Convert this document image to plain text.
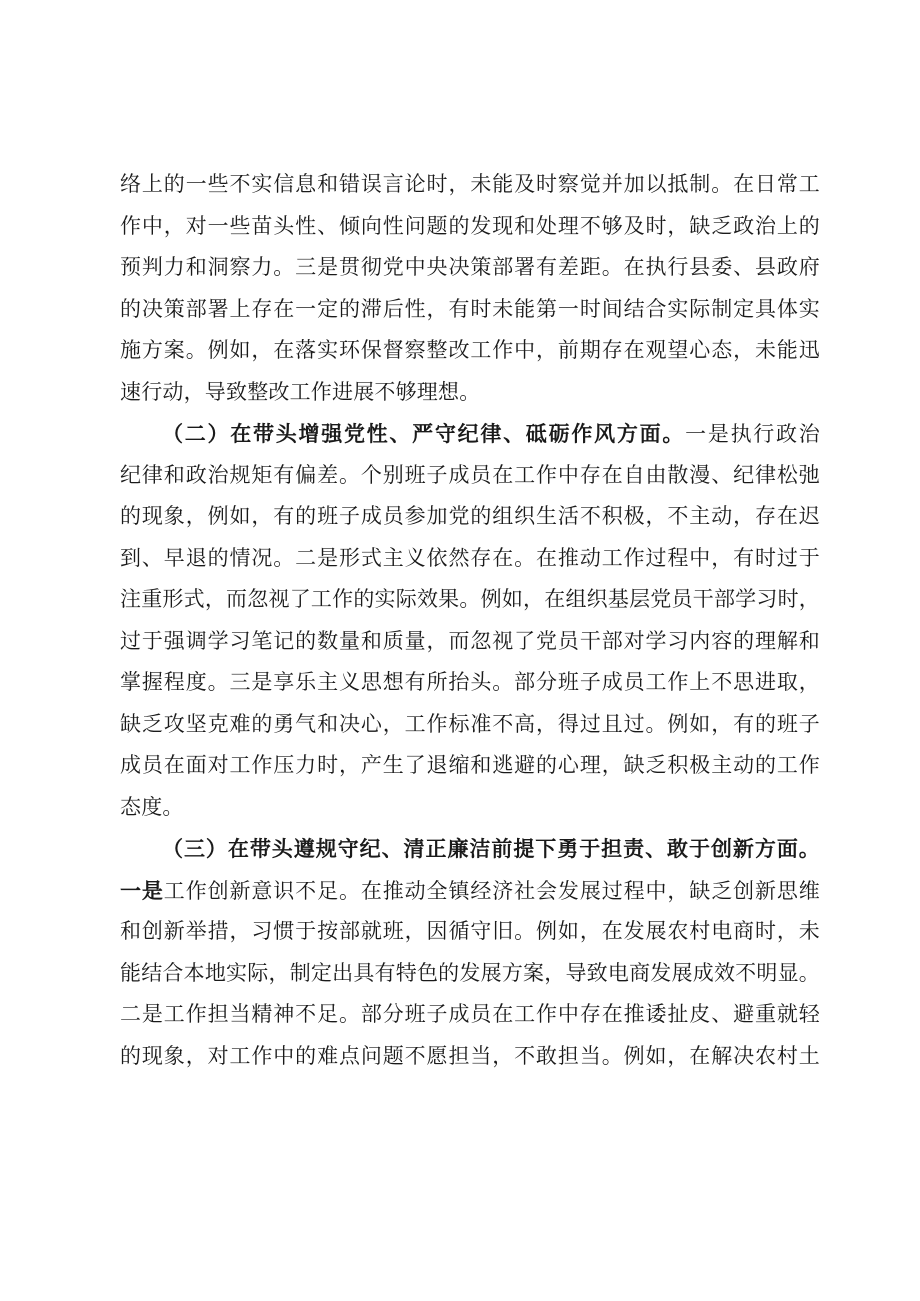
络上的一些不实信息和错误言论时，未能及时察觉并加以抵制。在日常工
作中，对一些苗头性、倾向性问题的发现和处理不够及时，缺乏政治上的
预判力和洞察力。三是贯彻党中央决策部署有差距。在执行县委、县政府
的决策部署上存在一定的滞后性，有时未能第一时间结合实际制定具体实
施方案。例如，在落实环保督察整改工作中，前期存在观望心态，未能迅
速行动，导致整改工作进展不够理想。
（二）在带头增强党性、严守纪律、砥砺作风方面。一是执行政治
纪律和政治规矩有偏差。个别班子成员在工作中存在自由散漫、纪律松弛
的现象，例如，有的班子成员参加党的组织生活不积极，不主动，存在迟
到、早退的情况。二是形式主义依然存在。在推动工作过程中，有时过于
注重形式，而忽视了工作的实际效果。例如，在组织基层党员干部学习时，
过于强调学习笔记的数量和质量，而忽视了党员干部对学习内容的理解和
掌握程度。三是享乐主义思想有所抬头。部分班子成员工作上不思进取，
缺乏攻坚克难的勇气和决心，工作标准不高，得过且过。例如，有的班子
成员在面对工作压力时，产生了退缩和逃避的心理，缺乏积极主动的工作
态度。
（三）在带头遵规守纪、清正廉洁前提下勇于担责、敢于创新方面。
一是工作创新意识不足。在推动全镇经济社会发展过程中，缺乏创新思维
和创新举措，习惯于按部就班，因循守旧。例如，在发展农村电商时，未
能结合本地实际，制定出具有特色的发展方案，导致电商发展成效不明显。
二是工作担当精神不足。部分班子成员在工作中存在推诿扯皮、避重就轻
的现象，对工作中的难点问题不愿担当，不敢担当。例如，在解决农村土
